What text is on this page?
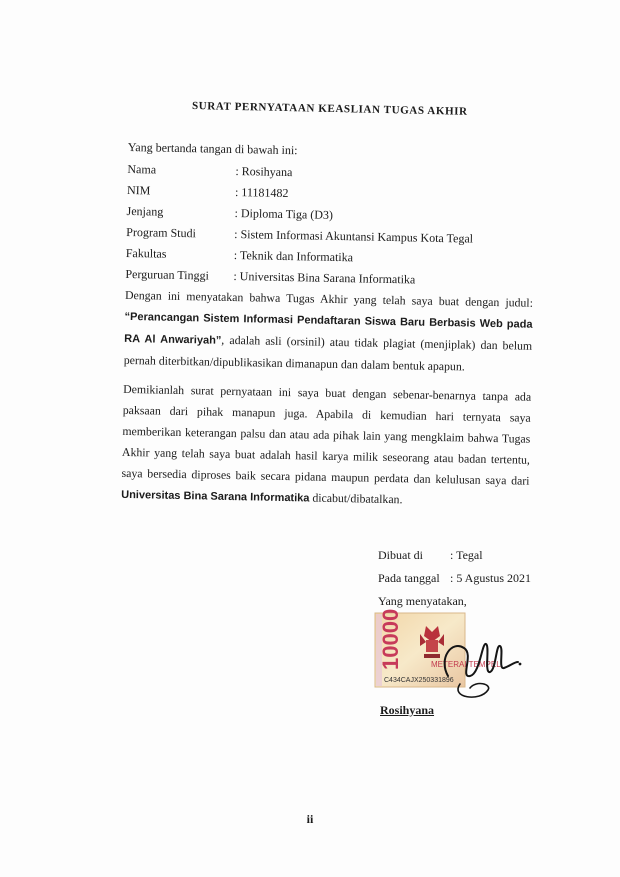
SURAT PERNYATAAN KEASLIAN TUGAS AKHIR
Yang bertanda tangan di bawah ini:
Nama	: Rosihyana
NIM	: 11181482
Jenjang	: Diploma Tiga (D3)
Program Studi	: Sistem Informasi Akuntansi Kampus Kota Tegal
Fakultas	: Teknik dan Informatika
Perguruan Tinggi : Universitas Bina Sarana Informatika

Dengan ini menyatakan bahwa Tugas Akhir yang telah saya buat dengan judul: “Perancangan Sistem Informasi Pendaftaran Siswa Baru Berbasis Web pada RA Al Anwariyah”, adalah asli (orsinil) atau tidak plagiat (menjiplak) dan belum pernah diterbitkan/dipublikasikan dimanapun dan dalam bentuk apapun.

Demikianlah surat pernyataan ini saya buat dengan sebenar-benarnya tanpa ada paksaan dari pihak manapun juga. Apabila di kemudian hari ternyata saya memberikan keterangan palsu dan atau ada pihak lain yang mengklaim bahwa Tugas Akhir yang telah saya buat adalah hasil karya milik seseorang atau badan tertentu, saya bersedia diproses baik secara pidana maupun perdata dan kelulusan saya dari Universitas Bina Sarana Informatika dicabut/dibatalkan.

Dibuat di : Tegal
Pada tanggal : 5 Agustus 2021
Yang menyatakan,
10000	METERAI TEMPEL
C434CAJX250331896
Rosihyana
ii
